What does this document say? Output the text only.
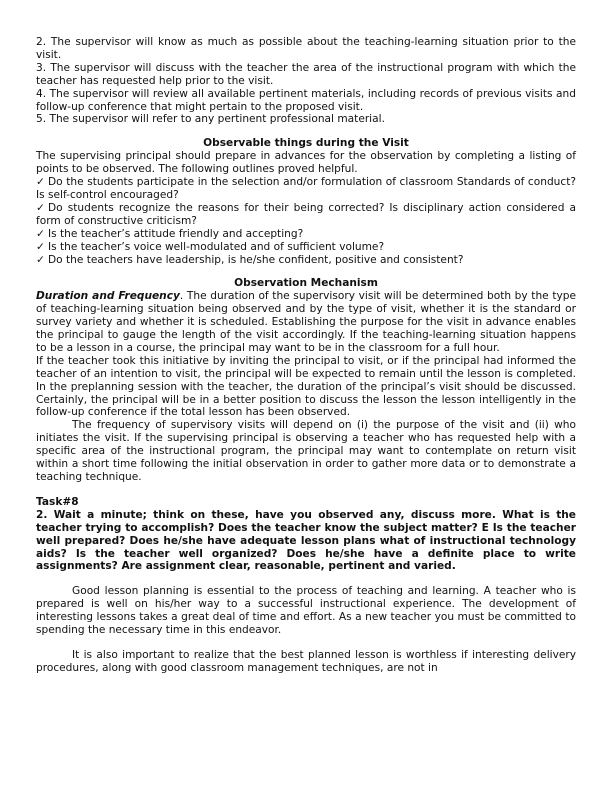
2. The supervisor will know as much as possible about the teaching-learning situation prior to the visit.

3. The supervisor will discuss with the teacher the area of the instructional program with which the teacher has requested help prior to the visit.

4. The supervisor will review all available pertinent materials, including records of previous visits and follow-up conference that might pertain to the proposed visit.

5. The supervisor will refer to any pertinent professional material.

Observable things during the Visit

The supervising principal should prepare in advances for the observation by completing a listing of points to be observed. The following outlines proved helpful.

✓ Do the students participate in the selection and/or formulation of classroom Standards of conduct? Is self-control encouraged?

✓ Do students recognize the reasons for their being corrected? Is disciplinary action considered a form of constructive criticism?

✓ Is the teacher’s attitude friendly and accepting?

✓ Is the teacher’s voice well-modulated and of sufficient volume?

✓ Do the teachers have leadership, is he/she confident, positive and consistent?

Observation Mechanism

Duration and Frequency. The duration of the supervisory visit will be determined both by the type of teaching-learning situation being observed and by the type of visit, whether it is the standard or survey variety and whether it is scheduled. Establishing the purpose for the visit in advance enables the principal to gauge the length of the visit accordingly. If the teaching-learning situation happens to be a lesson in a course, the principal may want to be in the classroom for a full hour.

If the teacher took this initiative by inviting the principal to visit, or if the principal had informed the teacher of an intention to visit, the principal will be expected to remain until the lesson is completed. In the preplanning session with the teacher, the duration of the principal’s visit should be discussed. Certainly, the principal will be in a better position to discuss the lesson the lesson intelligently in the follow-up conference if the total lesson has been observed.

The frequency of supervisory visits will depend on (i) the purpose of the visit and (ii) who initiates the visit. If the supervising principal is observing a teacher who has requested help with a specific area of the instructional program, the principal may want to contemplate on return visit within a short time following the initial observation in order to gather more data or to demonstrate a teaching technique.

Task#8

2. Wait a minute; think on these, have you observed any, discuss more. What is the teacher trying to accomplish? Does the teacher know the subject matter? E Is the teacher well prepared? Does he/she have adequate lesson plans what of instructional technology aids? Is the teacher well organized? Does he/she have a definite place to write assignments? Are assignment clear, reasonable, pertinent and varied.

Good lesson planning is essential to the process of teaching and learning. A teacher who is prepared is well on his/her way to a successful instructional experience. The development of interesting lessons takes a great deal of time and effort. As a new teacher you must be committed to spending the necessary time in this endeavor.

It is also important to realize that the best planned lesson is worthless if interesting delivery procedures, along with good classroom management techniques, are not in
